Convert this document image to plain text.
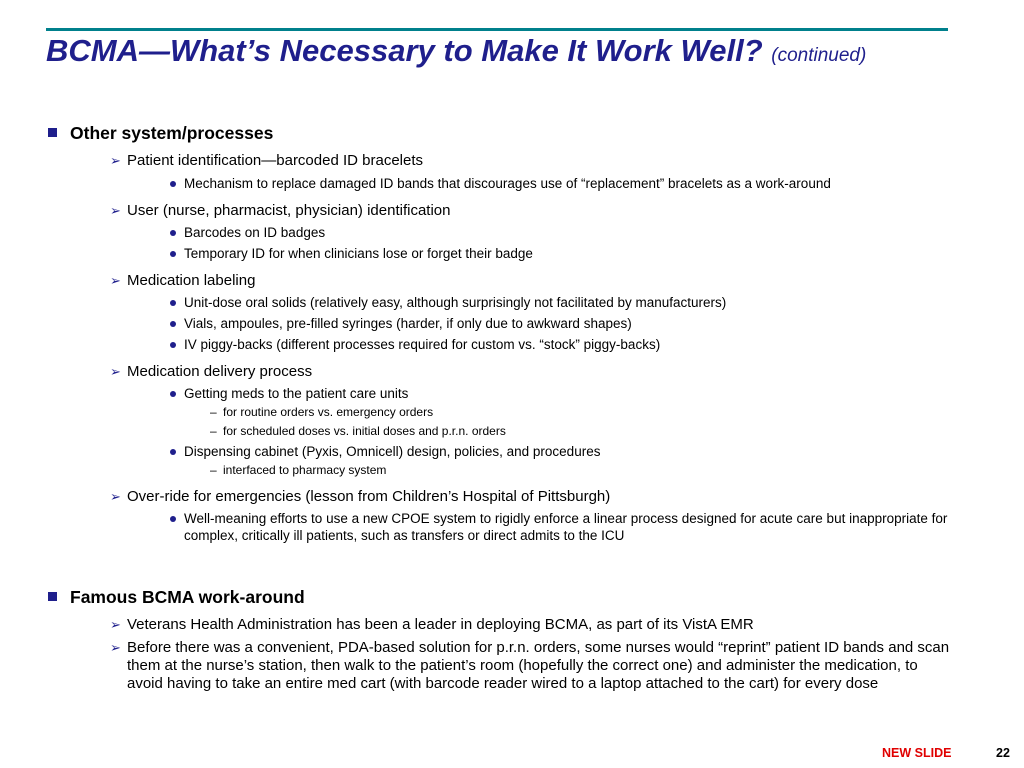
BCMA—What’s Necessary to Make It Work Well? (continued)
Other system/processes
➢ Patient identification—barcoded ID bracelets
Mechanism to replace damaged ID bands that discourages use of “replacement” bracelets as a work-around
➢ User (nurse, pharmacist, physician) identification
Barcodes on ID badges
Temporary ID for when clinicians lose or forget their badge
➢ Medication labeling
Unit-dose oral solids (relatively easy, although surprisingly not facilitated by manufacturers)
Vials, ampoules, pre-filled syringes (harder, if only due to awkward shapes)
IV piggy-backs (different processes required for custom vs. “stock” piggy-backs)
➢ Medication delivery process
Getting meds to the patient care units
– for routine orders vs. emergency orders
– for scheduled doses vs. initial doses and p.r.n. orders
Dispensing cabinet (Pyxis, Omnicell) design, policies, and procedures
– interfaced to pharmacy system
➢ Over-ride for emergencies (lesson from Children’s Hospital of Pittsburgh)
Well-meaning efforts to use a new CPOE system to rigidly enforce a linear process designed for acute care but inappropriate for complex, critically ill patients, such as transfers or direct admits to the ICU
Famous BCMA work-around
➢ Veterans Health Administration has been a leader in deploying BCMA, as part of its VistA EMR
➢ Before there was a convenient, PDA-based solution for p.r.n. orders, some nurses would “reprint” patient ID bands and scan them at the nurse’s station, then walk to the patient’s room (hopefully the correct one) and administer the medication, to avoid having to take an entire med cart (with barcode reader wired to a laptop attached to the cart) for every dose
NEW SLIDE	22
